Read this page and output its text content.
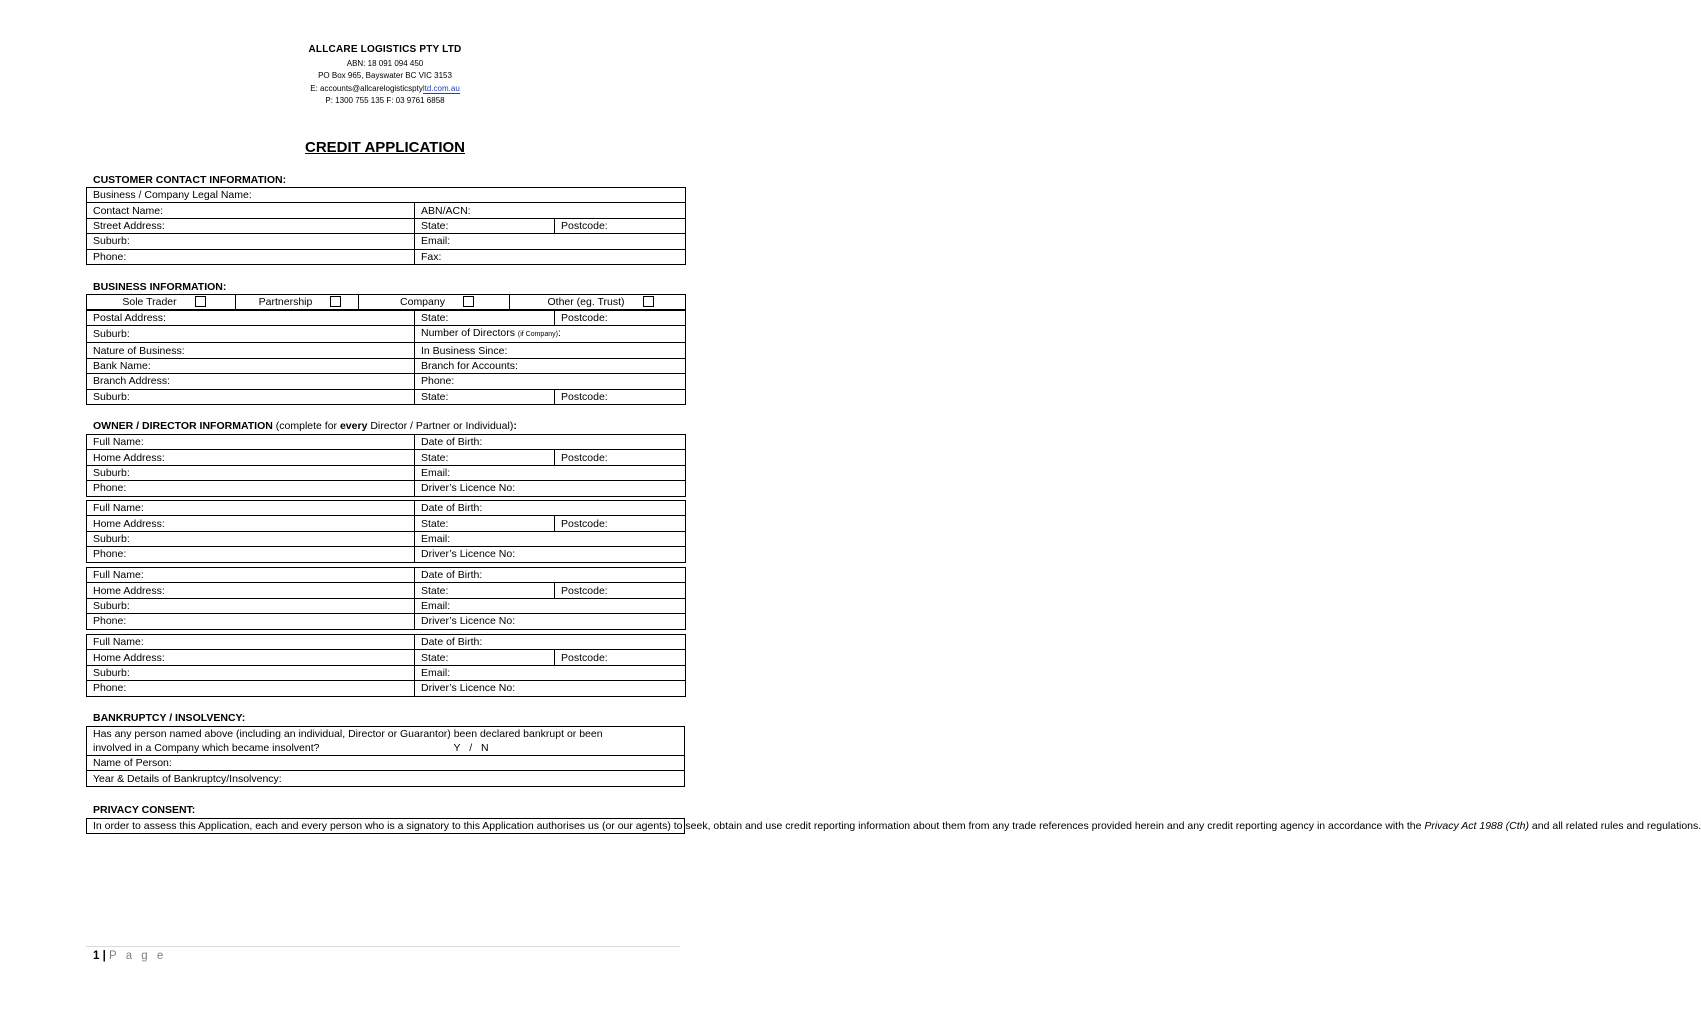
ALLCARE LOGISTICS PTY LTD
ABN: 18 091 094 450
PO Box 965, Bayswater BC VIC 3153
E: accounts@allcarelogisticsptyltd.com.au
P: 1300 755 135 F: 03 9761 6858
CREDIT APPLICATION
CUSTOMER CONTACT INFORMATION:
Business / Company Legal Name:		
Contact Name:	ABN/ACN:	
Street Address:	State:	Postcode:
Suburb:	Email:	
Phone:	Fax:	
BUSINESS INFORMATION:
Sole Trader	Partnership	Company	Other (eg. Trust)
Postal Address:	State:	Postcode:
Suburb:	Number of Directors (if Company):	
Nature of Business:	In Business Since:	
Bank Name:	Branch for Accounts:	
Branch Address:	Phone:	
Suburb:	State:	Postcode:
OWNER / DIRECTOR INFORMATION (complete for every Director / Partner or Individual):
Full Name:	Date of Birth:	
Home Address:	State:	Postcode:
Suburb:	Email:	
Phone:	Driver’s Licence No:	
Full Name:	Date of Birth:	
Home Address:	State:	Postcode:
Suburb:	Email:	
Phone:	Driver’s Licence No:	
Full Name:	Date of Birth:	
Home Address:	State:	Postcode:
Suburb:	Email:	
Phone:	Driver’s Licence No:	
Full Name:	Date of Birth:	
Home Address:	State:	Postcode:
Suburb:	Email:	
Phone:	Driver’s Licence No:	
BANKRUPTCY / INSOLVENCY:
Has any person named above (including an individual, Director or Guarantor) been declared bankrupt or been
involved in a Company which became insolvent?	Y / N

Name of Person:
Year & Details of Bankruptcy/Insolvency:
PRIVACY CONSENT:
In order to assess this Application, each and every person who is a signatory to this Application authorises us (or our agents) to seek, obtain and use credit reporting information about them from any trade references provided herein and any credit reporting agency in accordance with the Privacy Act 1988 (Cth) and all related rules and regulations.
1 | P a g e
